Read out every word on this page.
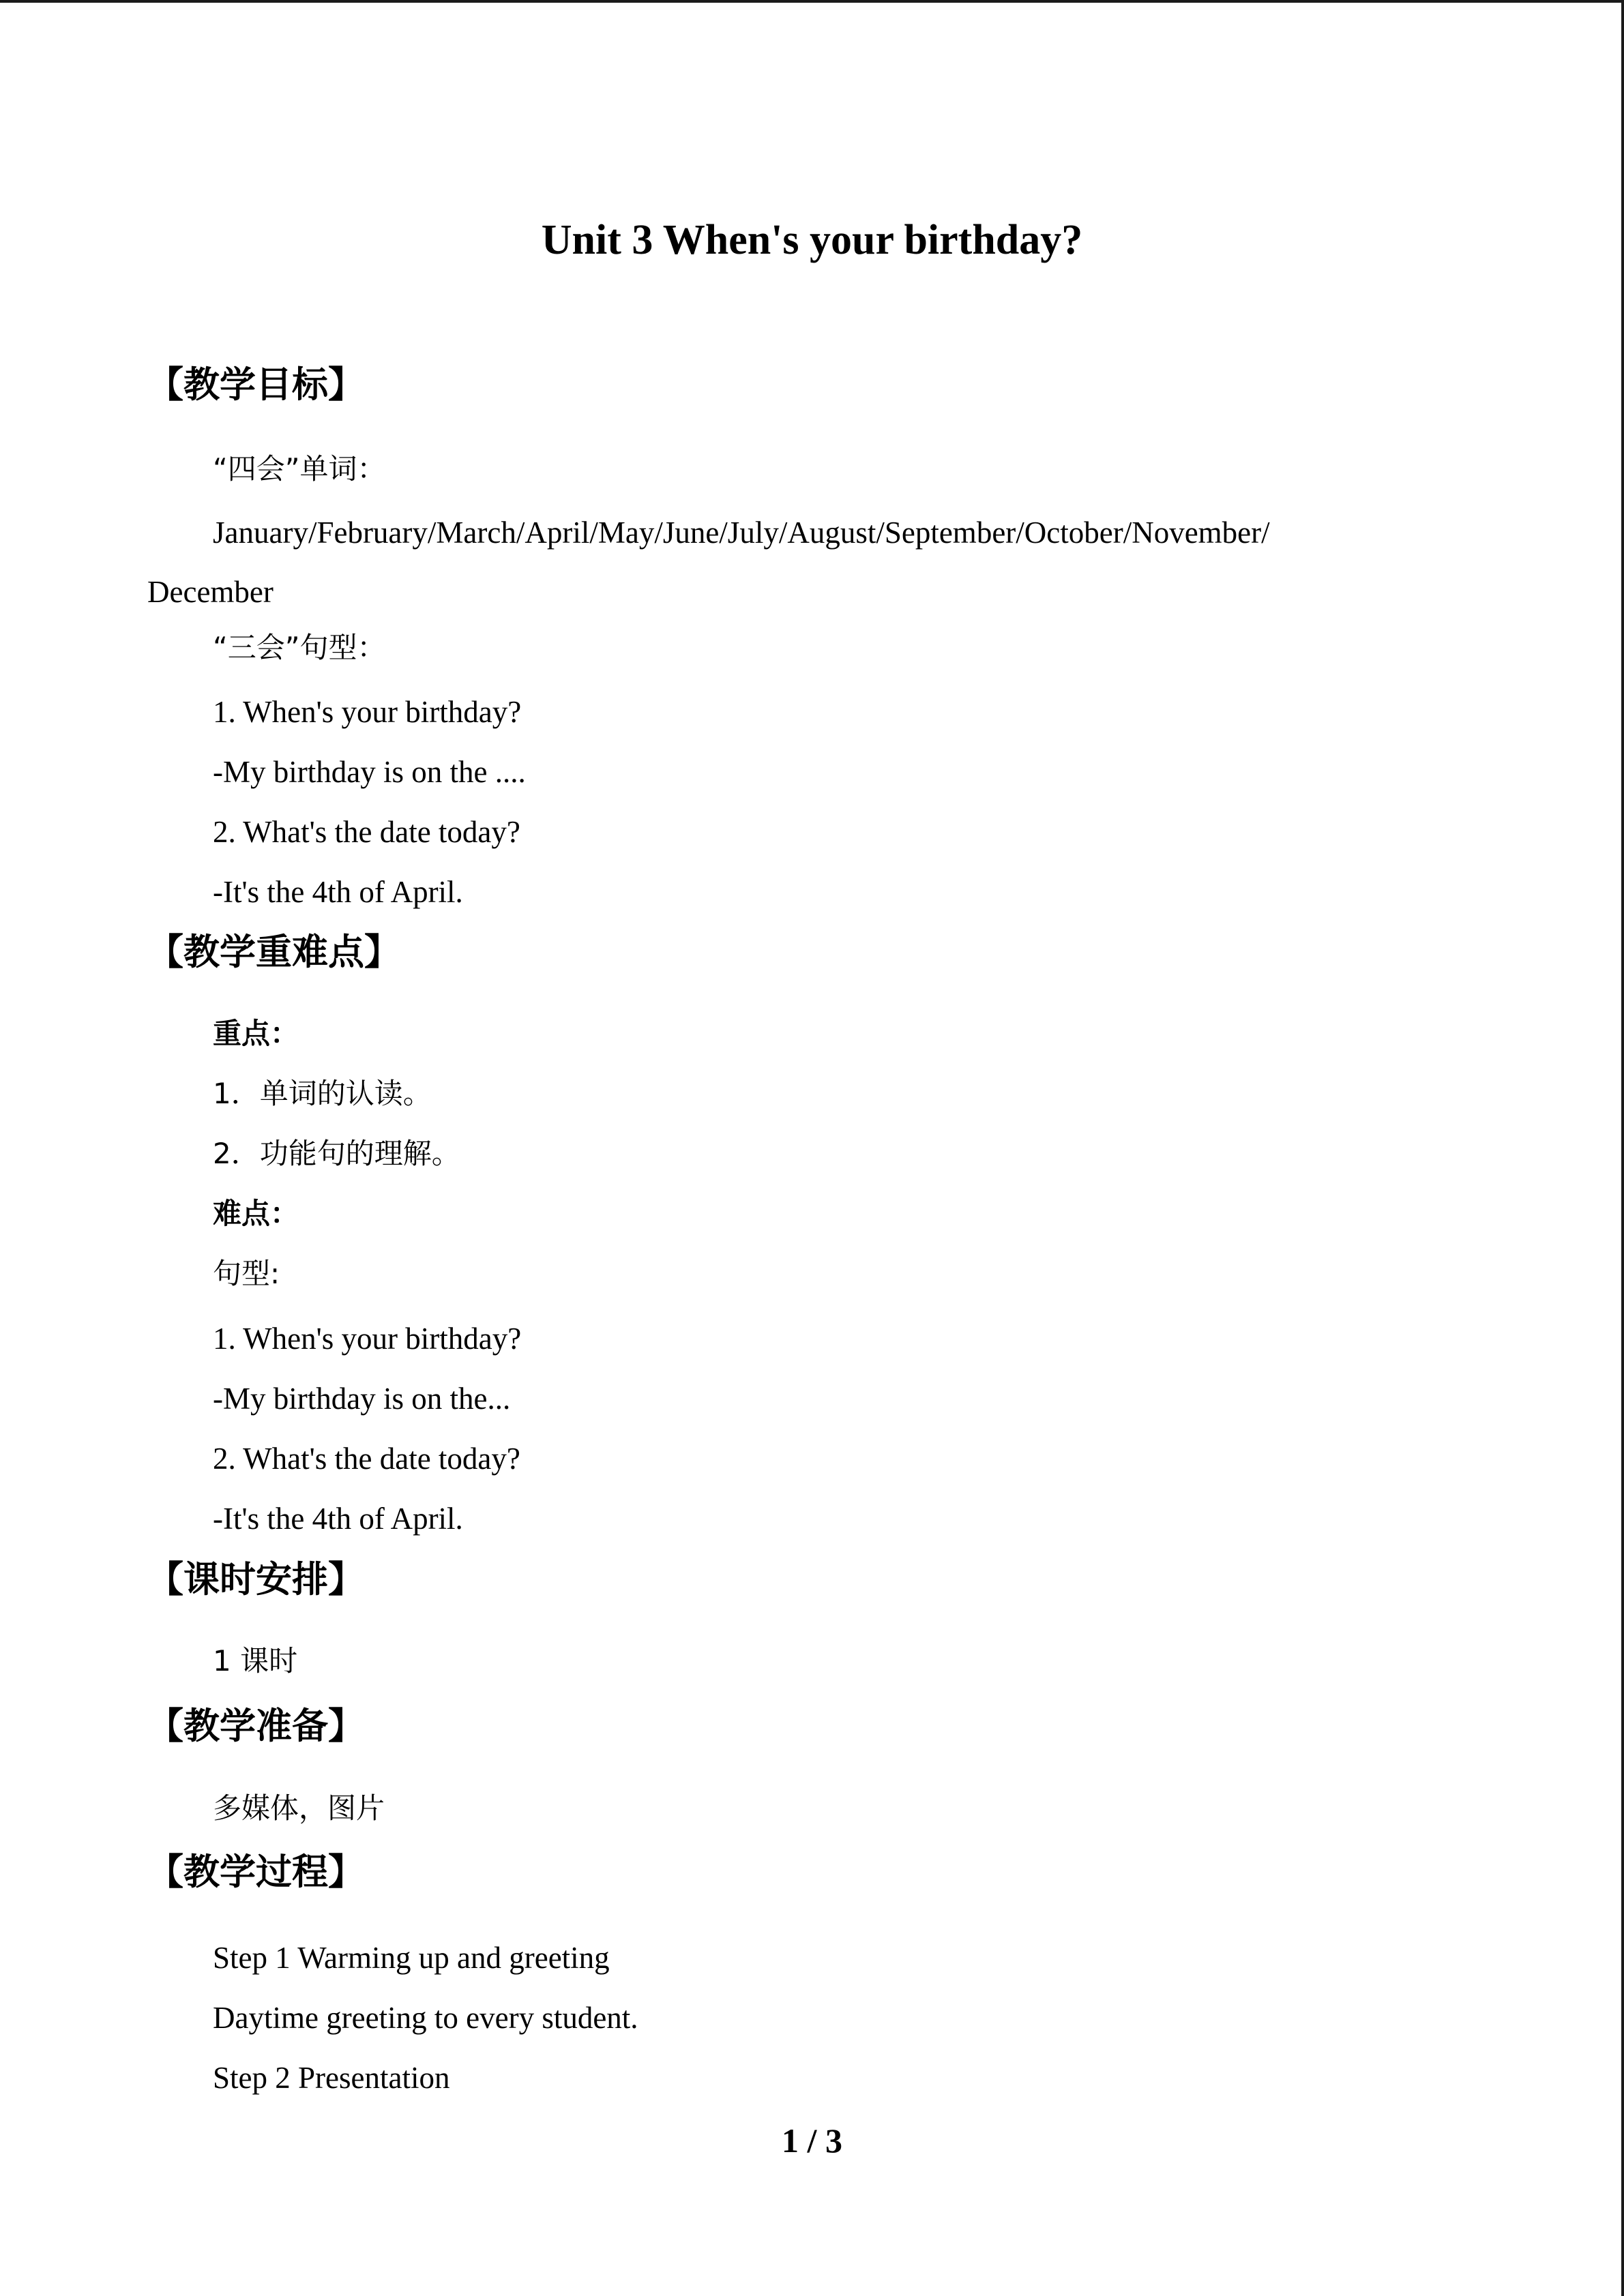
Unit 3 When's your birthday?
【教学目标】
“四会”单词：
January/February/March/April/May/June/July/August/September/October/November/
December
“三会”句型：
1. When's your birthday?
-My birthday is on the ....
2. What's the date today?
-It's the 4th of April.
【教学重难点】
重点：
1．单词的认读。
2．功能句的理解。
难点：
句型:
1. When's your birthday?
-My birthday is on the...
2. What's the date today?
-It's the 4th of April.
【课时安排】
1 课时
【教学准备】
多媒体，图片
【教学过程】
Step 1 Warming up and greeting
Daytime greeting to every student.
Step 2 Presentation
1 / 3
